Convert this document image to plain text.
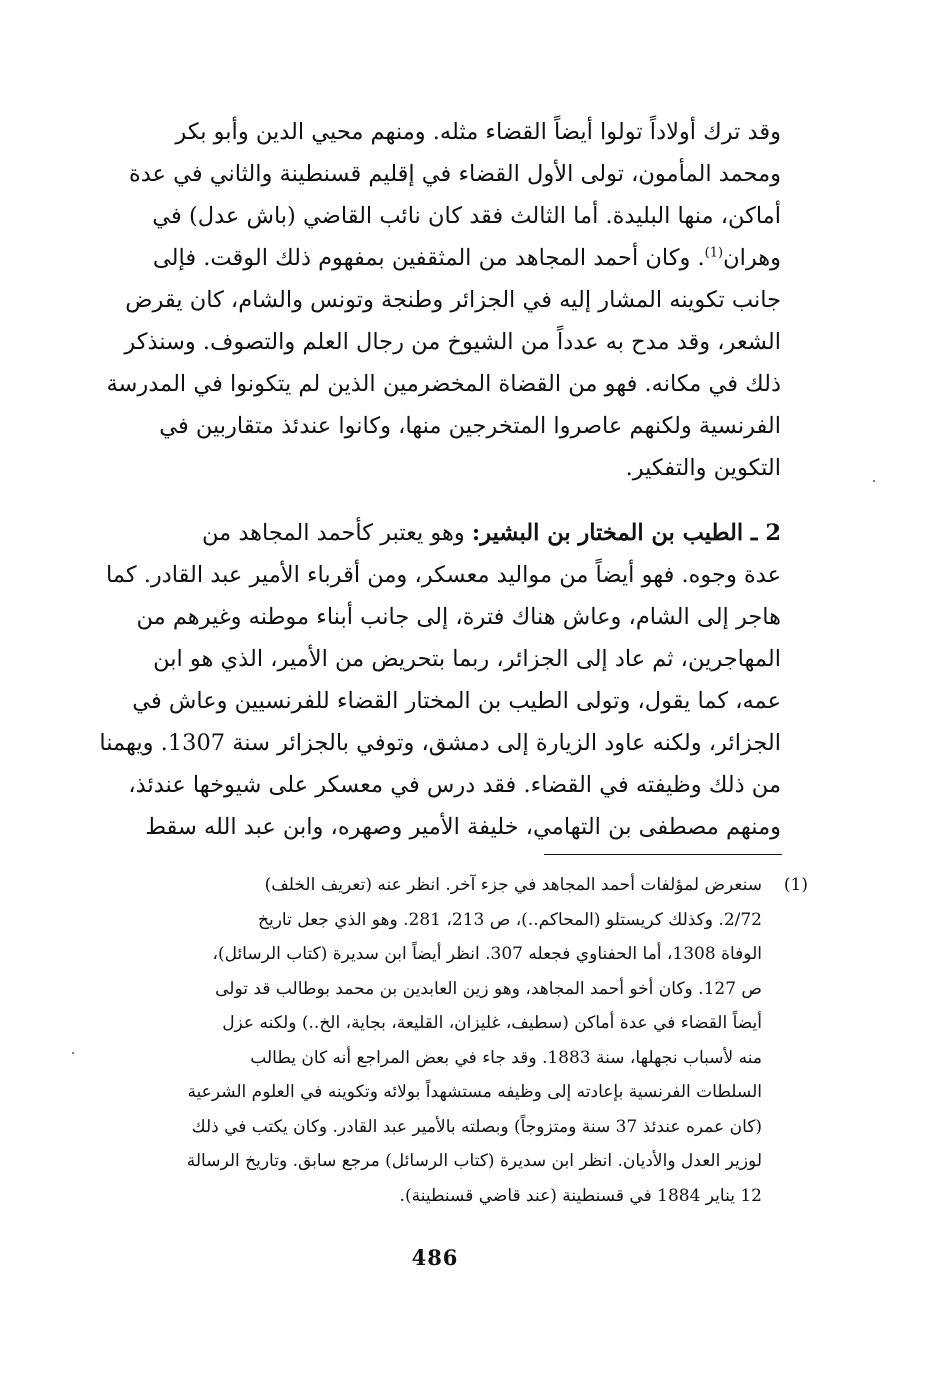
وقد ترك أولاداً تولوا أيضاً القضاء مثله. ومنهم محيي الدين وأبو بكر
ومحمد المأمون، تولى الأول القضاء في إقليم قسنطينة والثاني في عدة
أماكن، منها البليدة. أما الثالث فقد كان نائب القاضي (باش عدل) في
وهران$^{(1)}$. وكان أحمد المجاهد من المثقفين بمفهوم ذلك الوقت. فإلى
جانب تكوينه المشار إليه في الجزائر وطنجة وتونس والشام، كان يقرض
الشعر، وقد مدح به عدداً من الشيوخ من رجال العلم والتصوف. وسنذكر
ذلك في مكانه. فهو من القضاة المخضرمين الذين لم يتكونوا في المدرسة
الفرنسية ولكنهم عاصروا المتخرجين منها، وكانوا عندئذ متقاربين في
التكوين والتفكير.
2 ـ الطيب بن المختار بن البشير: وهو يعتبر كأحمد المجاهد من
عدة وجوه. فهو أيضاً من مواليد معسكر، ومن أقرباء الأمير عبد القادر. كما
هاجر إلى الشام، وعاش هناك فترة، إلى جانب أبناء موطنه وغيرهم من
المهاجرين، ثم عاد إلى الجزائر، ربما بتحريض من الأمير، الذي هو ابن
عمه، كما يقول، وتولى الطيب بن المختار القضاء للفرنسيين وعاش في
الجزائر، ولكنه عاود الزيارة إلى دمشق، وتوفي بالجزائر سنة 1307. ويهمنا
من ذلك وظيفته في القضاء. فقد درس في معسكر على شيوخها عندئذ،
ومنهم مصطفى بن التهامي، خليفة الأمير وصهره، وابن عبد الله سقط
(1)
سنعرض لمؤلفات أحمد المجاهد في جزء آخر. انظر عنه (تعريف الخلف)
2/72. وكذلك كريستلو (المحاكم..)، ص 213، 281. وهو الذي جعل تاريخ
الوفاة 1308، أما الحفناوي فجعله 307. انظر أيضاً ابن سديرة (كتاب الرسائل)،
ص 127. وكان أخو أحمد المجاهد، وهو زين العابدين بن محمد بوطالب قد تولى
أيضاً القضاء في عدة أماكن (سطيف، غليزان، القليعة، بجاية، الخ..) ولكنه عزل
منه لأسباب نجهلها، سنة 1883. وقد جاء في بعض المراجع أنه كان يطالب
السلطات الفرنسية بإعادته إلى وظيفه مستشهداً بولائه وتكوينه في العلوم الشرعية
(كان عمره عندئذ 37 سنة ومتزوجاً) وبصلته بالأمير عبد القادر. وكان يكتب في ذلك
لوزير العدل والأديان. انظر ابن سديرة (كتاب الرسائل) مرجع سابق. وتاريخ الرسالة
12 يناير 1884 في قسنطينة (عند قاضي قسنطينة).
486
